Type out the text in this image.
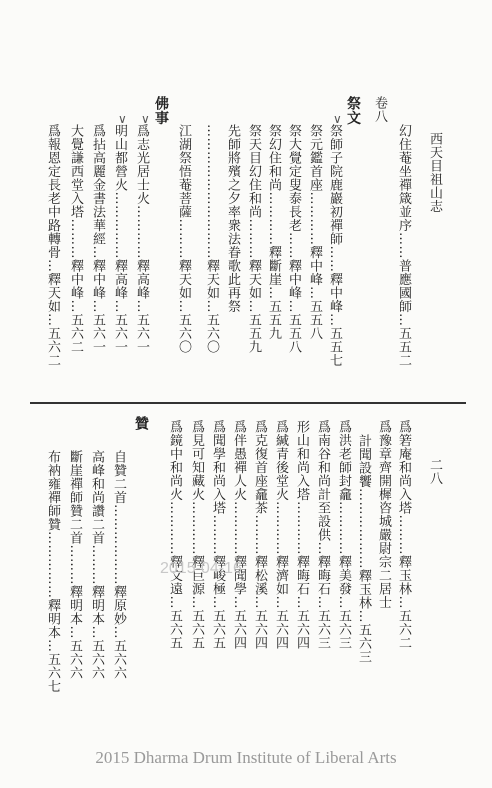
西天目祖山志
二八
卷八
幻住菴坐禪箴並序……普應國師…五五二
祭文
祭師子院鹿巖初禪師……釋中峰…五五七
祭元鑑首座…………釋中峰…五五八
祭大覺定叟泰長老……釋中峰…五五八
祭幻住和尚…………釋斷崖…五五九
祭天目幻住和尚………釋天如…五五九
先師將殯之夕率衆法眷歌此再祭
…………………………釋天如…五六〇
江湖祭悟菴菩薩………釋天如…五六〇
佛事
爲志光居士火…………釋高峰…五六一
明山都營火……………釋高峰…五六一
爲拈高麗金書法華經…釋中峰…五六一
大覺謙西堂入塔………釋中峰…五六二
爲報恩定長老中路轉骨…釋天如…五六二
∨
∨
∨
爲箬庵和尚入塔………釋玉林…五六二
爲豫章齊開樨咨城嚴尉宗二居士
計聞設饗………………釋玉林…五六三
爲洪老師封龕…………釋美發…五六三
爲南谷和尚計至設供…釋晦石…五六三
形山和尚入塔…………釋晦石…五六四
爲緘青後堂火…………釋濟如…五六四
爲克復首座龕茶………釋松溪…五六四
爲伴愚禪人火…………釋聞學…五六四
爲聞學和尚入塔………釋峻極…五六五
爲見可知藏火…………釋巨源…五六五
爲鏡中和尚火…………釋文遠…五六五
贊
自贊二首………………釋原妙…五六六
高峰和尚讚二首………釋明本…五六六
斷崖禪師贊二首………釋明本…五六六
布衲雍禪師贊……………釋明本…五六七	2015-04-16
2015 Dharma Drum Institute of Liberal Arts
